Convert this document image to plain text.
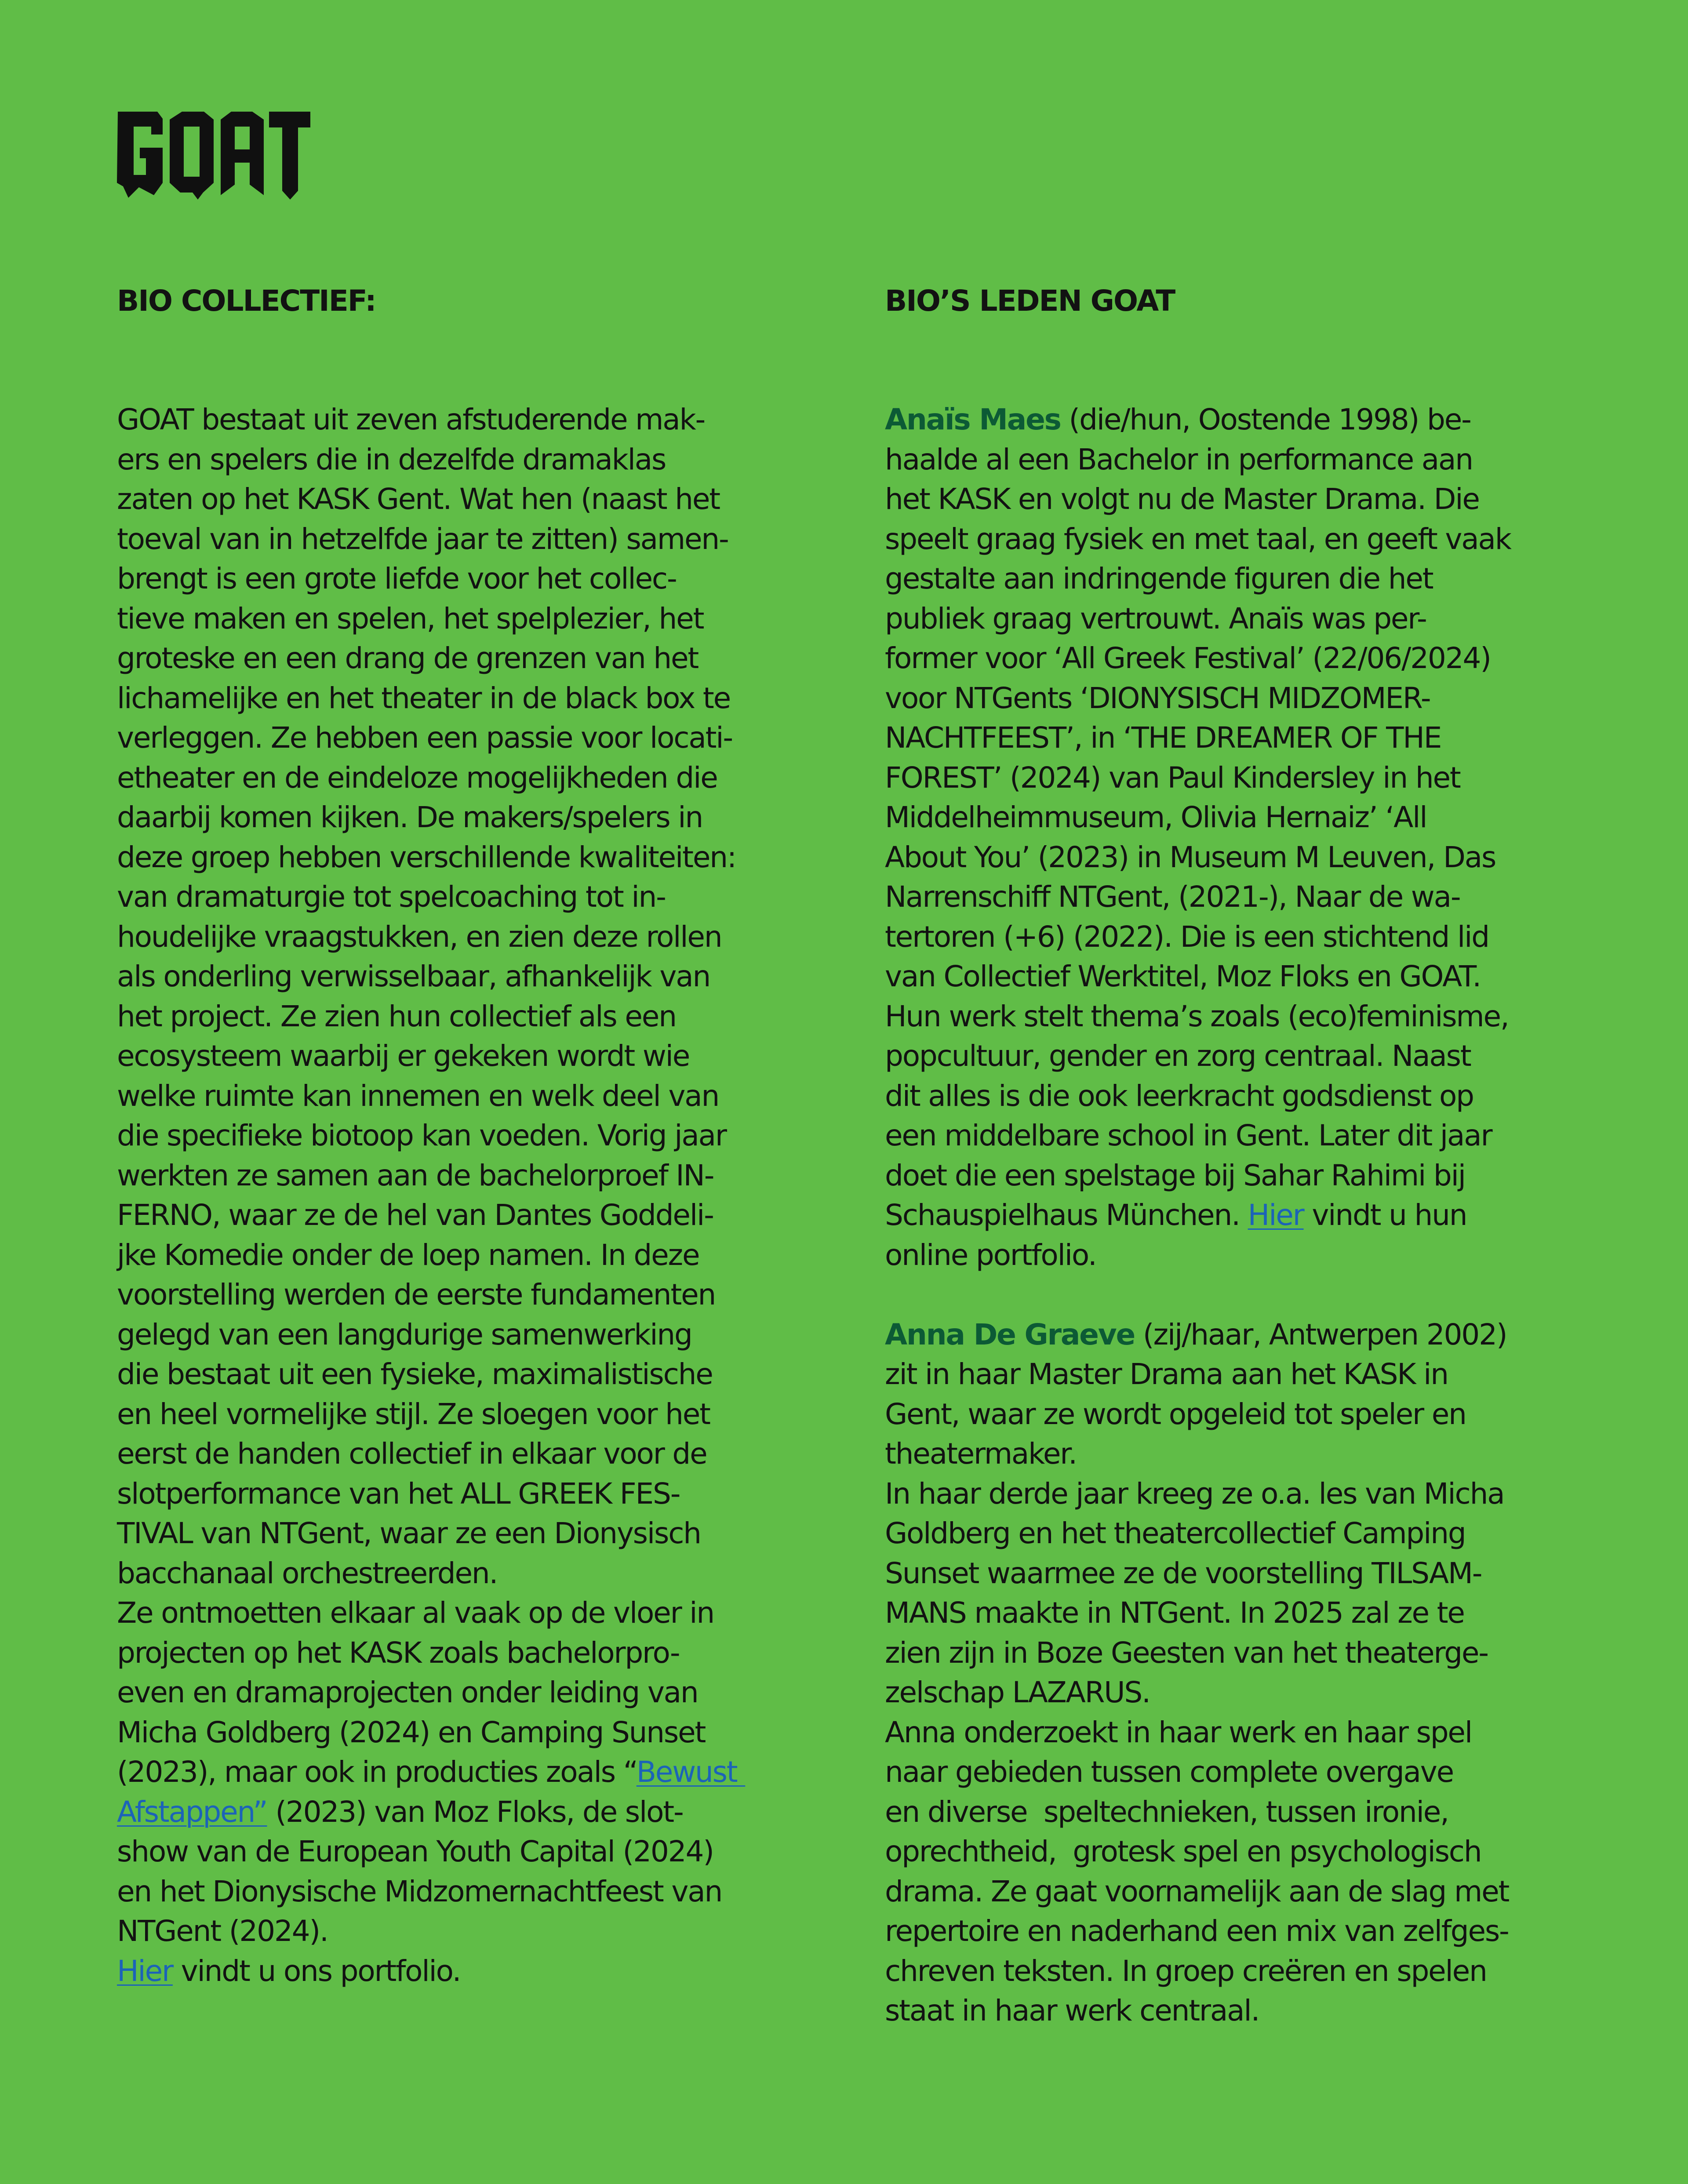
BIO COLLECTIEF:
GOAT bestaat uit zeven afstuderende mak-
ers en spelers die in dezelfde dramaklas
zaten op het KASK Gent. Wat hen (naast het
toeval van in hetzelfde jaar te zitten) samen-
brengt is een grote liefde voor het collec-
tieve maken en spelen, het spelplezier, het
groteske en een drang de grenzen van het
lichamelijke en het theater in de black box te
verleggen. Ze hebben een passie voor locati-
etheater en de eindeloze mogelijkheden die
daarbij komen kijken. De makers/spelers in
deze groep hebben verschillende kwaliteiten:
van dramaturgie tot spelcoaching tot in-
houdelijke vraagstukken, en zien deze rollen
als onderling verwisselbaar, afhankelijk van
het project. Ze zien hun collectief als een
ecosysteem waarbij er gekeken wordt wie
welke ruimte kan innemen en welk deel van
die specifieke biotoop kan voeden. Vorig jaar
werkten ze samen aan de bachelorproef IN-
FERNO, waar ze de hel van Dantes Goddeli-
jke Komedie onder de loep namen. In deze
voorstelling werden de eerste fundamenten
gelegd van een langdurige samenwerking
die bestaat uit een fysieke, maximalistische
en heel vormelijke stijl. Ze sloegen voor het
eerst de handen collectief in elkaar voor de
slotperformance van het ALL GREEK FES-
TIVAL van NTGent, waar ze een Dionysisch
bacchanaal orchestreerden.
Ze ontmoetten elkaar al vaak op de vloer in
projecten op het KASK zoals bachelorpro-
even en dramaprojecten onder leiding van
Micha Goldberg (2024) en Camping Sunset
(2023), maar ook in producties zoals “Bewust
Afstappen” (2023) van Moz Floks, de slot-
show van de European Youth Capital (2024)
en het Dionysische Midzomernachtfeest van
NTGent (2024).
Hier vindt u ons portfolio.
BIO’S LEDEN GOAT
Anaïs Maes (die/hun, Oostende 1998) be-
haalde al een Bachelor in performance aan
het KASK en volgt nu de Master Drama. Die
speelt graag fysiek en met taal, en geeft vaak
gestalte aan indringende figuren die het
publiek graag vertrouwt. Anaïs was per-
former voor ‘All Greek Festival’ (22/06/2024)
voor NTGents ‘DIONYSISCH MIDZOMER-
NACHTFEEST’, in ‘THE DREAMER OF THE
FOREST’ (2024) van Paul Kindersley in het
Middelheimmuseum, Olivia Hernaiz’ ‘All
About You’ (2023) in Museum M Leuven, Das
Narrenschiff NTGent, (2021-), Naar de wa-
tertoren (+6) (2022). Die is een stichtend lid
van Collectief Werktitel, Moz Floks en GOAT.
Hun werk stelt thema’s zoals (eco)feminisme,
popcultuur, gender en zorg centraal. Naast
dit alles is die ook leerkracht godsdienst op
een middelbare school in Gent. Later dit jaar
doet die een spelstage bij Sahar Rahimi bij
Schauspielhaus München. Hier vindt u hun
online portfolio.
Anna De Graeve (zij/haar, Antwerpen 2002)
zit in haar Master Drama aan het KASK in
Gent, waar ze wordt opgeleid tot speler en
theatermaker.
In haar derde jaar kreeg ze o.a. les van Micha
Goldberg en het theatercollectief Camping
Sunset waarmee ze de voorstelling TILSAM-
MANS maakte in NTGent. In 2025 zal ze te
zien zijn in Boze Geesten van het theaterge-
zelschap LAZARUS.
Anna onderzoekt in haar werk en haar spel
naar gebieden tussen complete overgave
en diverse  speltechnieken, tussen ironie,
oprechtheid,  grotesk spel en psychologisch
drama. Ze gaat voornamelijk aan de slag met
repertoire en naderhand een mix van zelfges-
chreven teksten. In groep creëren en spelen
staat in haar werk centraal.
